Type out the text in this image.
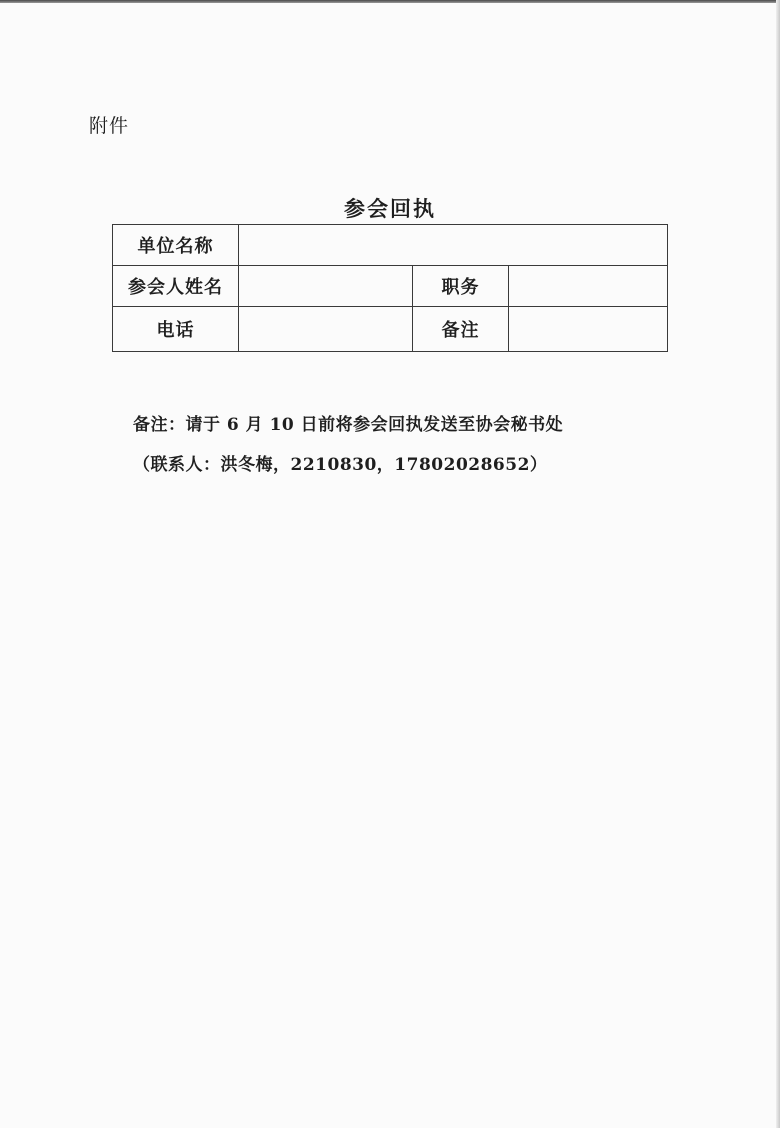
附件
参会回执
单位名称			
参会人姓名		职务	
电话		备注	
备注：请于 6 月 10 日前将参会回执发送至协会秘书处
（联系人：洪冬梅，2210830，17802028652）
